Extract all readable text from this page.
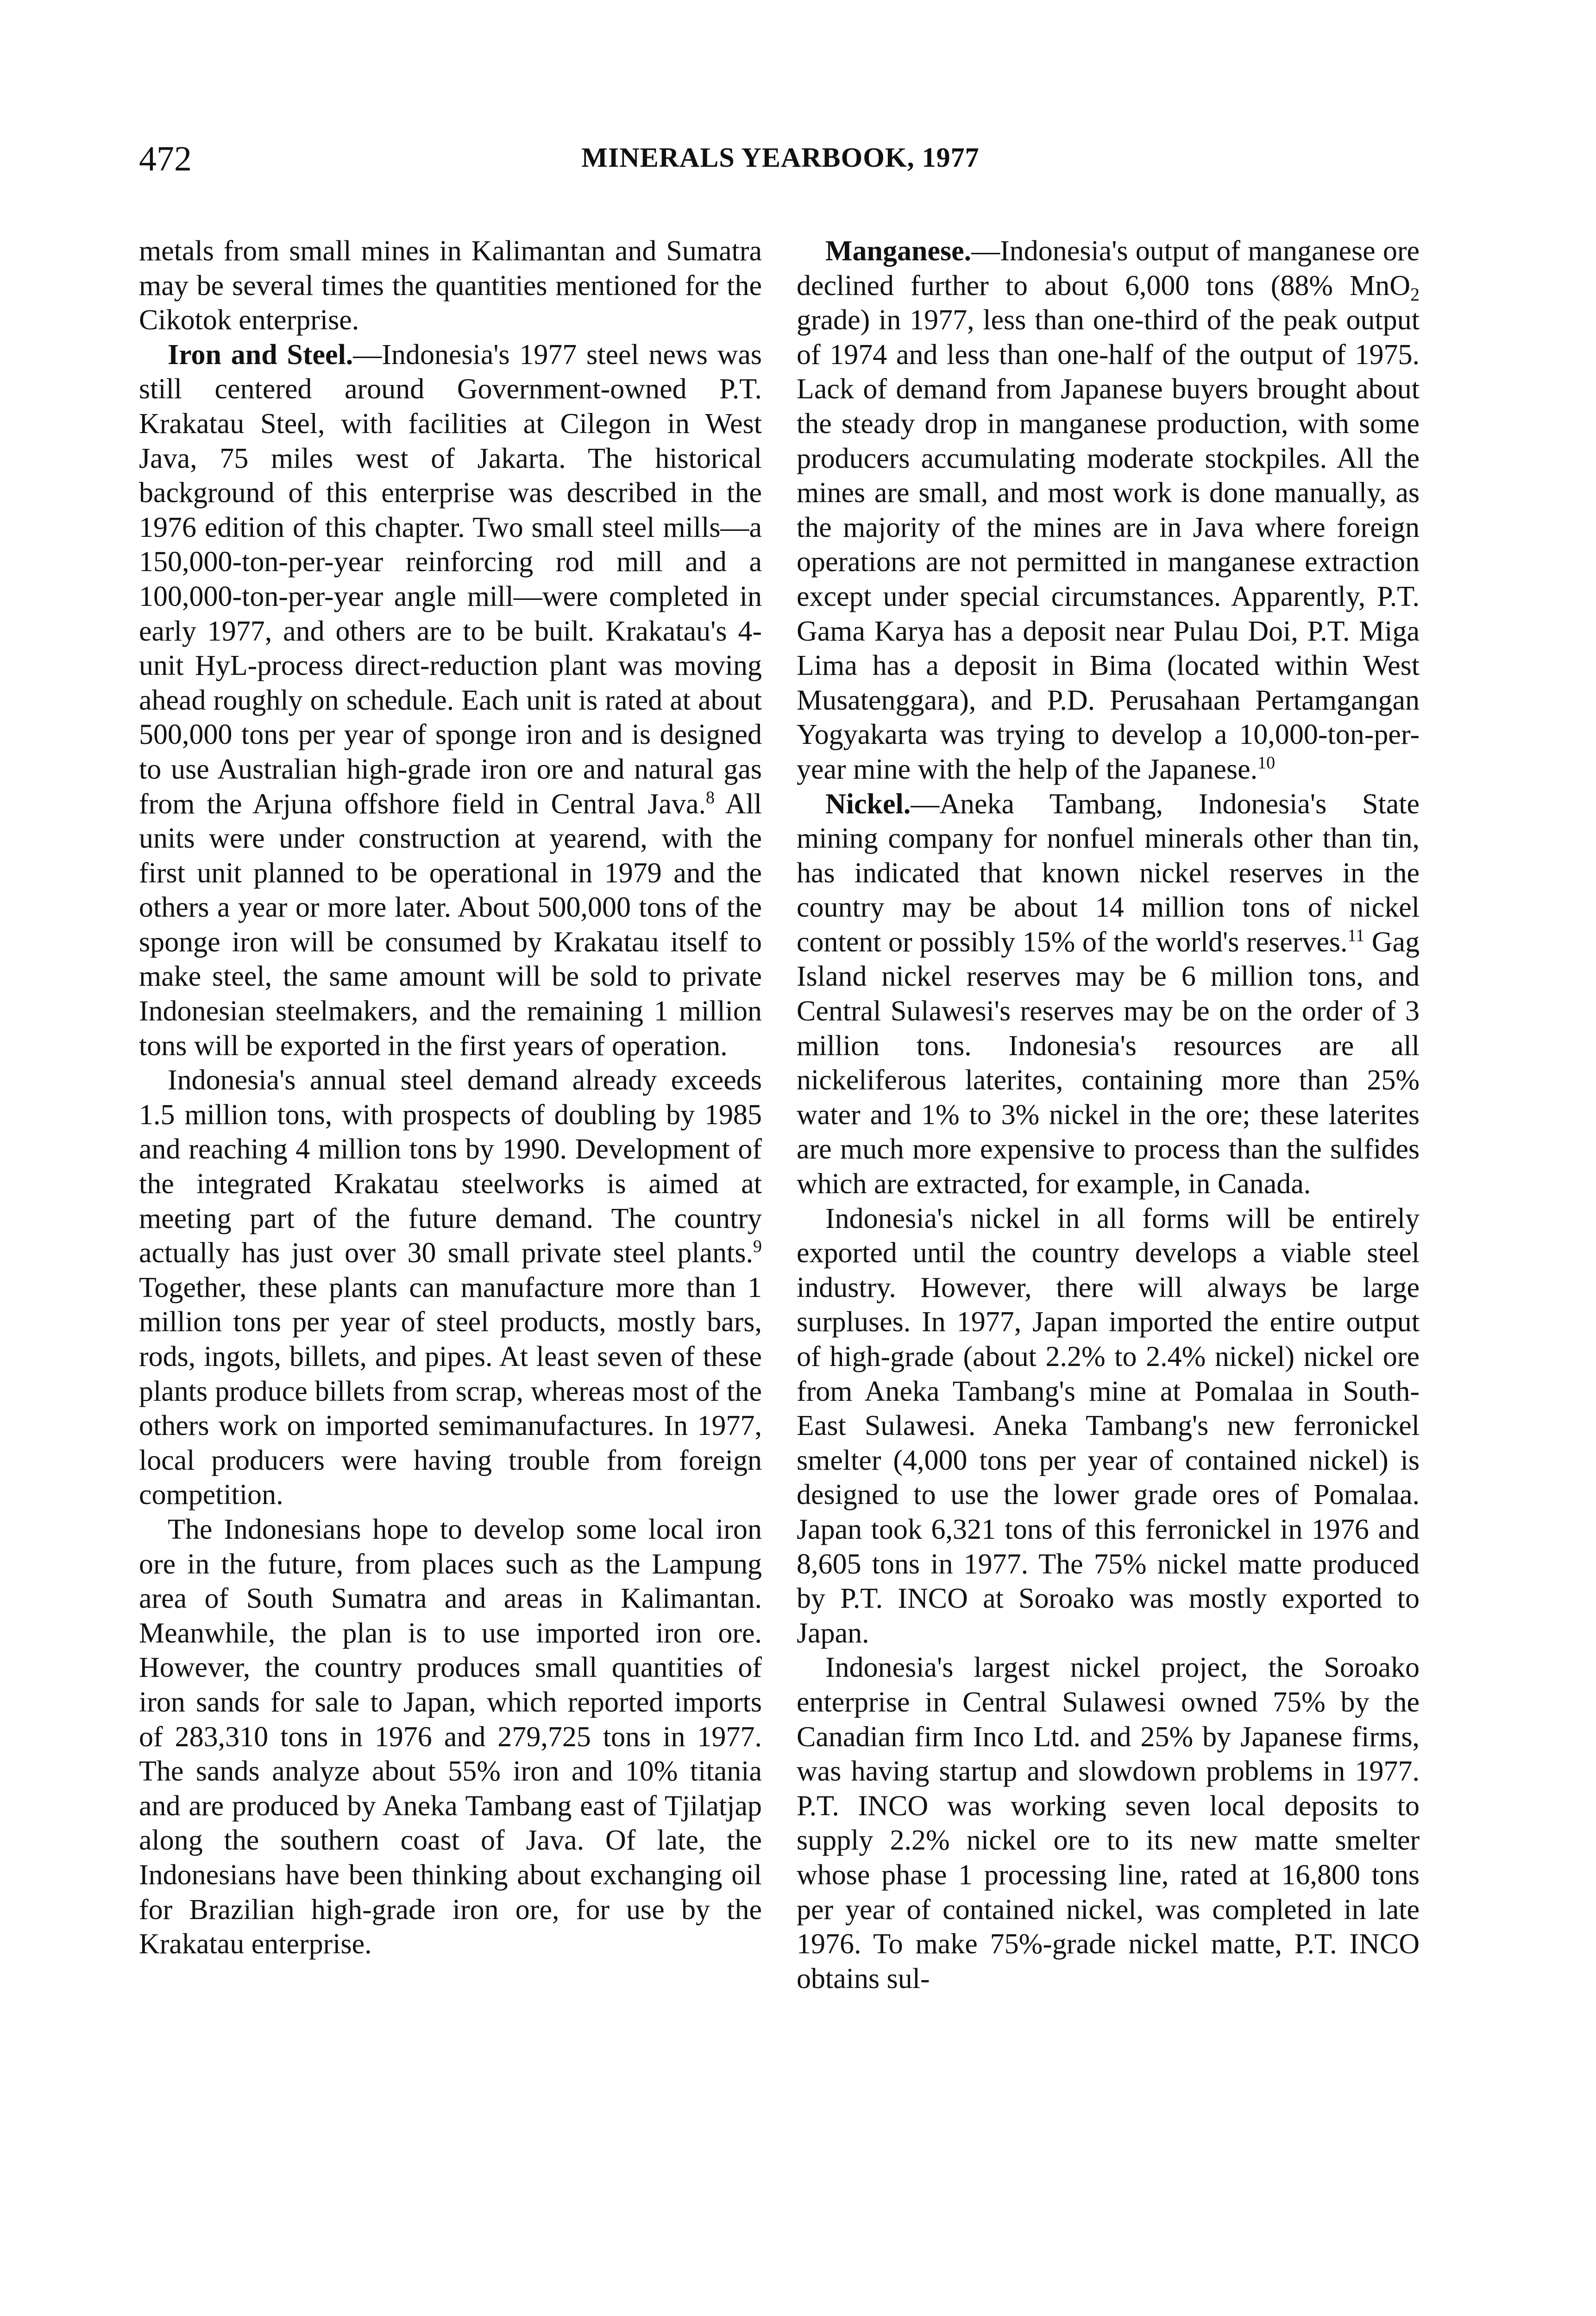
472	MINERALS YEARBOOK, 1977

metals from small mines in Kalimantan and Sumatra may be several times the quantities mentioned for the Cikotok enterprise.

Iron and Steel.—Indonesia's 1977 steel news was still centered around Government-owned P.T. Krakatau Steel, with facilities at Cilegon in West Java, 75 miles west of Jakarta. The historical background of this enterprise was described in the 1976 edition of this chapter. Two small steel mills—a 150,000-ton-per-year reinforcing rod mill and a 100,000-ton-per-year angle mill—were completed in early 1977, and others are to be built. Krakatau's 4-unit HyL-process direct-reduction plant was moving ahead roughly on schedule. Each unit is rated at about 500,000 tons per year of sponge iron and is designed to use Australian high-grade iron ore and natural gas from the Arjuna offshore field in Central Java.$^8$ All units were under construction at yearend, with the first unit planned to be operational in 1979 and the others a year or more later. About 500,000 tons of the sponge iron will be consumed by Krakatau itself to make steel, the same amount will be sold to private Indonesian steelmakers, and the remaining 1 million tons will be exported in the first years of operation.

Indonesia's annual steel demand already exceeds 1.5 million tons, with prospects of doubling by 1985 and reaching 4 million tons by 1990. Development of the integrated Krakatau steelworks is aimed at meeting part of the future demand. The country actually has just over 30 small private steel plants.$^9$ Together, these plants can manufacture more than 1 million tons per year of steel products, mostly bars, rods, ingots, billets, and pipes. At least seven of these plants produce billets from scrap, whereas most of the others work on imported semimanufactures. In 1977, local producers were having trouble from foreign competition.

The Indonesians hope to develop some local iron ore in the future, from places such as the Lampung area of South Sumatra and areas in Kalimantan. Meanwhile, the plan is to use imported iron ore. However, the country produces small quantities of iron sands for sale to Japan, which reported imports of 283,310 tons in 1976 and 279,725 tons in 1977. The sands analyze about 55% iron and 10% titania and are produced by Aneka Tambang east of Tjilatjap along the southern coast of Java. Of late, the Indonesians have been thinking about exchanging oil for Brazilian high-grade iron ore, for use by the Krakatau enterprise.

Manganese.—Indonesia's output of manganese ore declined further to about 6,000 tons (88% MnO$_2$ grade) in 1977, less than one-third of the peak output of 1974 and less than one-half of the output of 1975. Lack of demand from Japanese buyers brought about the steady drop in manganese production, with some producers accumulating moderate stockpiles. All the mines are small, and most work is done manually, as the majority of the mines are in Java where foreign operations are not permitted in manganese extraction except under special circumstances. Apparently, P.T. Gama Karya has a deposit near Pulau Doi, P.T. Miga Lima has a deposit in Bima (located within West Musatenggara), and P.D. Perusahaan Pertamgangan Yogyakarta was trying to develop a 10,000-ton-per-year mine with the help of the Japanese.$^{10}$

Nickel.—Aneka Tambang, Indonesia's State mining company for nonfuel minerals other than tin, has indicated that known nickel reserves in the country may be about 14 million tons of nickel content or possibly 15% of the world's reserves.$^{11}$ Gag Island nickel reserves may be 6 million tons, and Central Sulawesi's reserves may be on the order of 3 million tons. Indonesia's resources are all nickeliferous laterites, containing more than 25% water and 1% to 3% nickel in the ore; these laterites are much more expensive to process than the sulfides which are extracted, for example, in Canada.

Indonesia's nickel in all forms will be entirely exported until the country develops a viable steel industry. However, there will always be large surpluses. In 1977, Japan imported the entire output of high-grade (about 2.2% to 2.4% nickel) nickel ore from Aneka Tambang's mine at Pomalaa in South-East Sulawesi. Aneka Tambang's new ferronickel smelter (4,000 tons per year of contained nickel) is designed to use the lower grade ores of Pomalaa. Japan took 6,321 tons of this ferronickel in 1976 and 8,605 tons in 1977. The 75% nickel matte produced by P.T. INCO at Soroako was mostly exported to Japan.

Indonesia's largest nickel project, the Soroako enterprise in Central Sulawesi owned 75% by the Canadian firm Inco Ltd. and 25% by Japanese firms, was having startup and slowdown problems in 1977. P.T. INCO was working seven local deposits to supply 2.2% nickel ore to its new matte smelter whose phase 1 processing line, rated at 16,800 tons per year of contained nickel, was completed in late 1976. To make 75%-grade nickel matte, P.T. INCO obtains sul-
